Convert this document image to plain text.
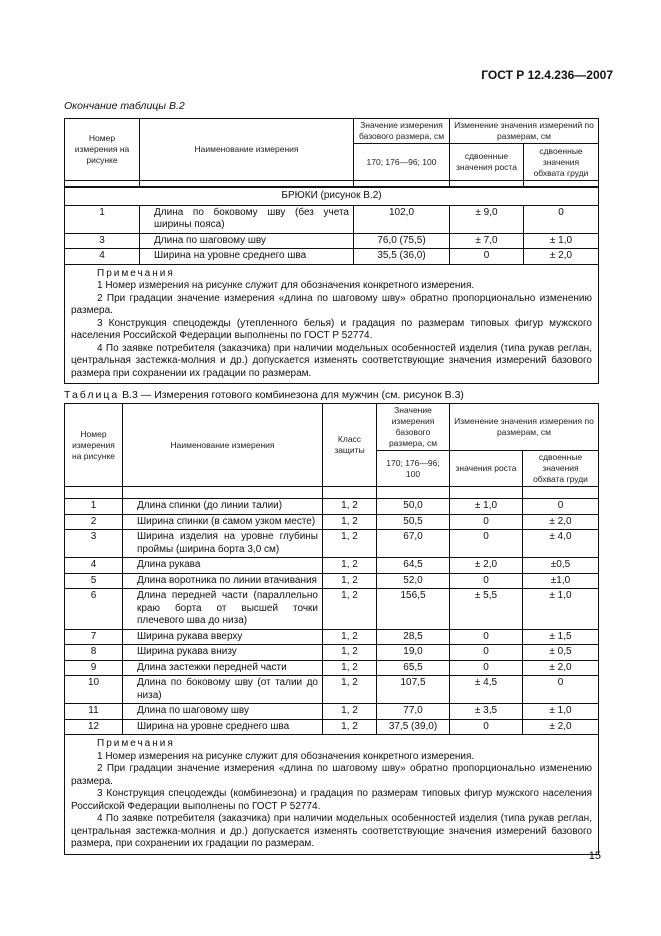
ГОСТ Р 12.4.236—2007
Окончание таблицы В.2
Номер измерения на рисунке	Наименование измерения	Значение измерения базового размера, см	Изменение значения измерений по размерам, см	
		170; 176—96; 100	сдвоенные значения роста	сдвоенные значения обхвата груди

БРЮКИ (рисунок В.2)				
1	Длина по боковому шву (без учета ширины пояса)	102,0	± 9,0	0
3	Длина по шаговому шву	76,0 (75,5)	± 7,0	± 1,0
4	Ширина на уровне среднего шва	35,5 (36,0)	0	± 2,0

Примечания

1 Номер измерения на рисунке служит для обозначения конкретного измерения.

2 При градации значение измерения «длина по шаговому шву» обратно пропорционально изменению размера.

3 Конструкция спецодежды (утепленного белья) и градация по размерам типовых фигур мужского населения Российской Федерации выполнены по ГОСТ Р 52774.

4 По заявке потребителя (заказчика) при наличии модельных особенностей изделия (типа рукав реглан, центральная застежка-молния и др.) допускается изменять соответствующие значения измерений базового размера при сохранении их градации по размерам.				

Таблица В.3 — Измерения готового комбинезона для мужчин (см. рисунок В.3)
Номер измерения на рисунке	Наименование измерения	Класс защиты	Значение измерения базового размера, см	Изменение значения измерения по размерам, см	
			170; 176—96; 100	значения роста	сдвоенные значения обхвата груди

1	Длина спинки (до линии талии)	1, 2	50,0	± 1,0	0
2	Ширина спинки (в самом узком месте)	1, 2	50,5	0	± 2,0
3	Ширина изделия на уровне глубины проймы (ширина борта 3,0 см)	1, 2	67,0	0	± 4,0
4	Длина рукава	1, 2	64,5	± 2,0	±0,5
5	Длина воротника по линии втачивания	1, 2	52,0	0	±1,0
6	Длина передней части (параллельно краю борта от высшей точки плечевого шва до низа)	1, 2	156,5	± 5,5	± 1,0
7	Ширина рукава вверху	1, 2	28,5	0	± 1,5
8	Ширина рукава внизу	1, 2	19,0	0	± 0,5
9	Длина застежки передней части	1, 2	65,5	0	± 2,0
10	Длина по боковому шву (от талии до низа)	1, 2	107,5	± 4,5	0
11	Длина по шаговому шву	1, 2	77,0	± 3,5	± 1,0
12	Ширина на уровне среднего шва	1, 2	37,5 (39,0)	0	± 2,0

Примечания

1 Номер измерения на рисунке служит для обозначения конкретного измерения.

2 При градации значение измерения «длина по шаговому шву» обратно пропорционально изменению размера.

3 Конструкция спецодежды (комбинезона) и градация по размерам типовых фигур мужского населения Российской Федерации выполнены по ГОСТ Р 52774.

4 По заявке потребителя (заказчика) при наличии модельных особенностей изделия (типа рукав реглан, центральная застежка-молния и др.) допускается изменять соответствующие значения измерений базового размера, при сохранении их градации по размерам.					

15
